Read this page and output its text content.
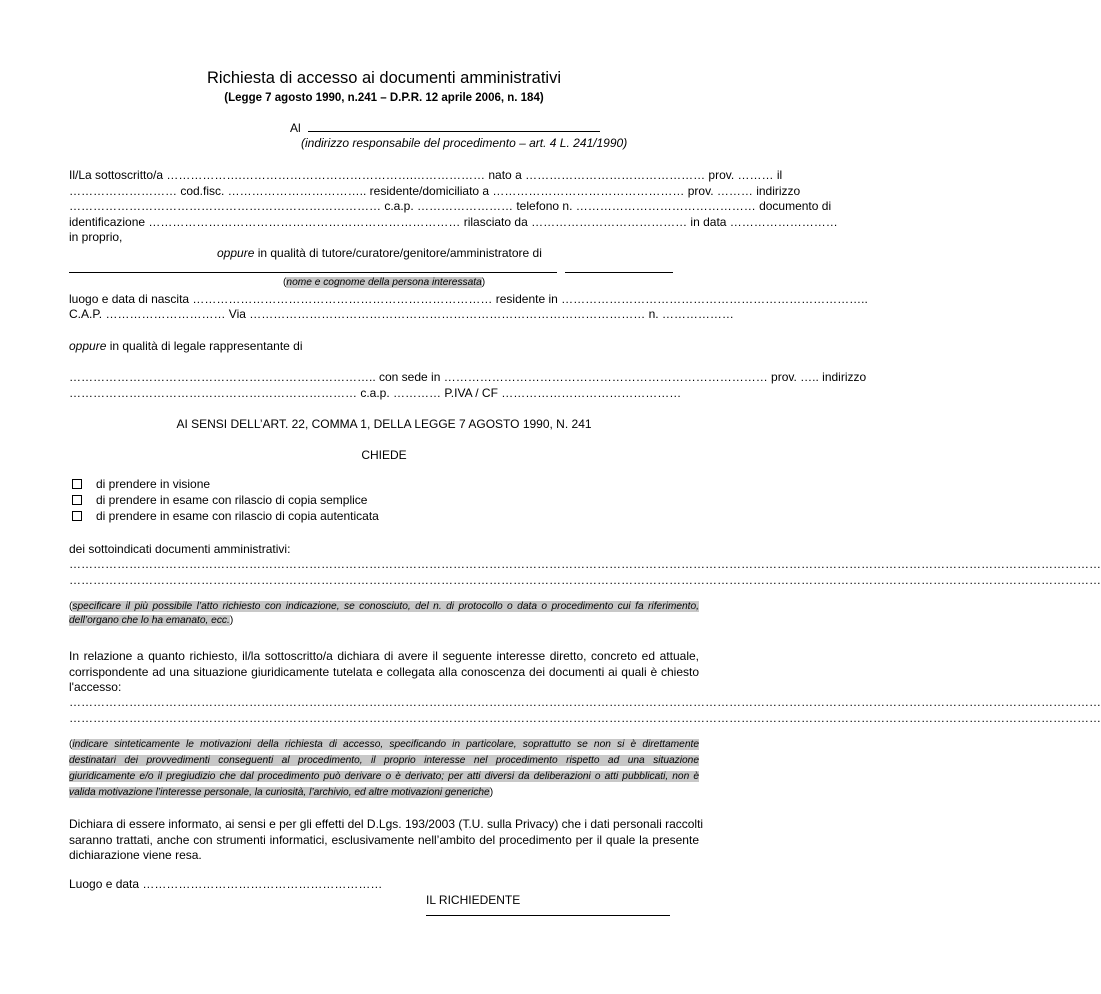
Richiesta di accesso ai documenti amministrativi
(Legge 7 agosto 1990, n.241 – D.P.R. 12 aprile 2006, n. 184)
Al
(indirizzo responsabile del procedimento – art. 4 L. 241/1990)
Il/La sottoscritto/a ……………….…………………………………….……………… nato a ……………………………………… prov. ……… il
……………………… cod.fisc. …………………………….. residente/domiciliato a ………………………………………… prov. ……… indirizzo
…………………………………………………………………… c.a.p. …………………… telefono n. ……………………………………… documento di
identificazione …………………………………………………………………… rilasciato da ………………………………… in data ………………………
in proprio,
oppure in qualità di tutore/curatore/genitore/amministratore di
(nome e cognome della persona interessata)
luogo e data di nascita ………………………………………………………………… residente in …………………………………………………………………..
C.A.P. ………………………… Via ……………………………………………………………………………………… n. ………………
oppure in qualità di legale rappresentante di
………………………………………………………………….. con sede in ……………………………………………………………………… prov. ….. indirizzo
……………………………………………………………… c.a.p. ………… P.IVA / CF ………………………………………
AI SENSI DELL’ART. 22, COMMA 1, DELLA LEGGE 7 AGOSTO 1990, N. 241
CHIEDE
di prendere in visione
di prendere in esame con rilascio di copia semplice
di prendere in esame con rilascio di copia autenticata
dei sottoindicati documenti amministrativi:
……………………………………………………………………………………………………………………………………………………………………………………………………………………………………
……………………………………………………………………………………………………………………………………………………………………………………………………………………………………
(specificare il più possibile l’atto richiesto con indicazione, se conosciuto, del n. di protocollo o data o procedimento cui fa riferimento,
dell’organo che lo ha emanato, ecc.)
In relazione a quanto richiesto, il/la sottoscritto/a dichiara di avere il seguente interesse diretto, concreto ed attuale,
corrispondente ad una situazione giuridicamente tutelata e collegata alla conoscenza dei documenti ai quali è chiesto
l'accesso:
……………………………………………………………………………………………………………………………………………………………………………………………………………………………………
……………………………………………………………………………………………………………………………………………………………………………………………………………………………………
(indicare sinteticamente le motivazioni della richiesta di accesso, specificando in particolare, soprattutto se non si è direttamente
destinatari dei provvedimenti conseguenti al procedimento, il proprio interesse nel procedimento rispetto ad una situazione
giuridicamente e/o il pregiudizio che dal procedimento può derivare o è derivato; per atti diversi da deliberazioni o atti pubblicati, non è
valida motivazione l’interesse personale, la curiosità, l’archivio, ed altre motivazioni generiche)
Dichiara di essere informato, ai sensi e per gli effetti del D.Lgs. 193/2003 (T.U. sulla Privacy) che i dati personali raccolti
saranno trattati, anche con strumenti informatici, esclusivamente nell’ambito del procedimento per il quale la presente
dichiarazione viene resa.
Luogo e data ……………………………………………………
IL RICHIEDENTE
